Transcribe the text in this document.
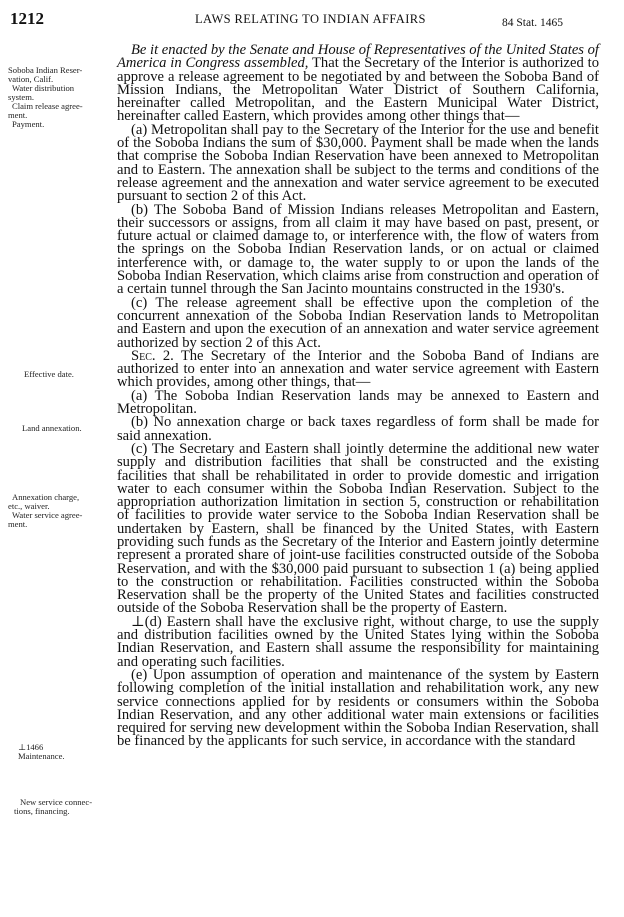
1212	LAWS RELATING TO INDIAN AFFAIRS	84 Stat. 1465
Soboba Indian Reser-
vation, Calif.
Water distribution
system.
Claim release agree-
ment.
Payment.
Effective date.
Land annexation.
Annexation charge,
etc., waiver.
Water service agree-
ment.
⊥1466
Maintenance.
New service connec-
tions, financing.

Be it enacted by the Senate and House of Representatives of the United States of America in Congress assembled, That the Secretary of the Interior is authorized to approve a release agreement to be negotiated by and between the Soboba Band of Mission Indians, the Metropolitan Water District of Southern California, hereinafter called Metropolitan, and the Eastern Municipal Water District, hereinafter called Eastern, which provides among other things that—

(a) Metropolitan shall pay to the Secretary of the Interior for the use and benefit of the Soboba Indians the sum of $30,000. Payment shall be made when the lands that comprise the Soboba Indian Reservation have been annexed to Metropolitan and to Eastern. The annexation shall be subject to the terms and conditions of the release agreement and the annexation and water service agreement to be executed pursuant to section 2 of this Act.

(b) The Soboba Band of Mission Indians releases Metropolitan and Eastern, their successors or assigns, from all claim it may have based on past, present, or future actual or claimed damage to, or interference with, the flow of waters from the springs on the Soboba Indian Reservation lands, or on actual or claimed interference with, or damage to, the water supply to or upon the lands of the Soboba Indian Reservation, which claims arise from construction and operation of a certain tunnel through the San Jacinto mountains constructed in the 1930's.

(c) The release agreement shall be effective upon the completion of the concurrent annexation of the Soboba Indian Reservation lands to Metropolitan and Eastern and upon the execution of an annexation and water service agreement authorized by section 2 of this Act.

Sec. 2. The Secretary of the Interior and the Soboba Band of Indians are authorized to enter into an annexation and water service agreement with Eastern which provides, among other things, that—

(a) The Soboba Indian Reservation lands may be annexed to Eastern and Metropolitan.

(b) No annexation charge or back taxes regardless of form shall be made for said annexation.

(c) The Secretary and Eastern shall jointly determine the additional new water supply and distribution facilities that shall be constructed and the existing facilities that shall be rehabilitated in order to provide domestic and irrigation water to each consumer within the Soboba Indian Reservation. Subject to the appropriation authorization limitation in section 5, construction or rehabilitation of facilities to provide water service to the Soboba Indian Reservation shall be undertaken by Eastern, shall be financed by the United States, with Eastern providing such funds as the Secretary of the Interior and Eastern jointly determine represent a prorated share of joint-use facilities constructed outside of the Soboba Reservation, and with the $30,000 paid pursuant to subsection 1 (a) being applied to the construction or rehabilitation. Facilities constructed within the Soboba Reservation shall be the property of the United States and facilities constructed outside of the Soboba Reservation shall be the property of Eastern.

⊥(d) Eastern shall have the exclusive right, without charge, to use the supply and distribution facilities owned by the United States lying within the Soboba Indian Reservation, and Eastern shall assume the responsibility for maintaining and operating such facilities.

(e) Upon assumption of operation and maintenance of the system by Eastern following completion of the initial installation and rehabilitation work, any new service connections applied for by residents or consumers within the Soboba Indian Reservation, and any other additional water main extensions or facilities required for serving new development within the Soboba Indian Reservation, shall be financed by the applicants for such service, in accordance with the standard
